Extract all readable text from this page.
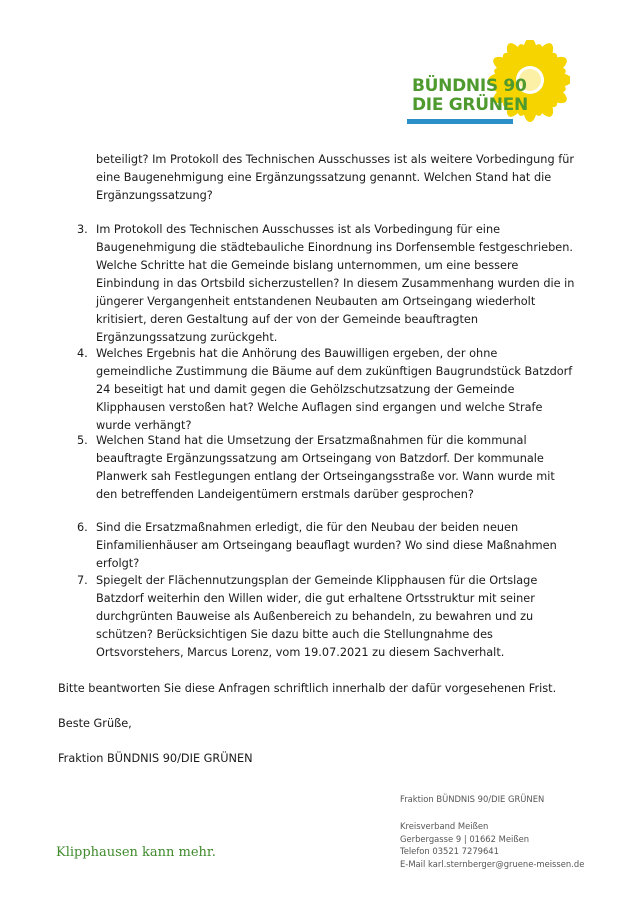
BÜNDNIS 90
DIE GRÜNEN
beteiligt? Im Protokoll des Technischen Ausschusses ist als weitere Vorbedingung für eine Baugenehmigung eine Ergänzungssatzung genannt. Welchen Stand hat die Ergänzungssatzung?
3. Im Protokoll des Technischen Ausschusses ist als Vorbedingung für eine Baugenehmigung die städtebauliche Einordnung ins Dorfensemble festgeschrieben. Welche Schritte hat die Gemeinde bislang unternommen, um eine bessere Einbindung in das Ortsbild sicherzustellen? In diesem Zusammenhang wurden die in jüngerer Vergangenheit entstandenen Neubauten am Ortseingang wiederholt kritisiert, deren Gestaltung auf der von der Gemeinde beauftragten Ergänzungssatzung zurückgeht.
4. Welches Ergebnis hat die Anhörung des Bauwilligen ergeben, der ohne gemeindliche Zustimmung die Bäume auf dem zukünftigen Baugrundstück Batzdorf 24 beseitigt hat und damit gegen die Gehölzschutzsatzung der Gemeinde Klipphausen verstoßen hat? Welche Auflagen sind ergangen und welche Strafe wurde verhängt?
5. Welchen Stand hat die Umsetzung der Ersatzmaßnahmen für die kommunal beauftragte Ergänzungssatzung am Ortseingang von Batzdorf. Der kommunale Planwerk sah Festlegungen entlang der Ortseingangsstraße vor. Wann wurde mit den betreffenden Landeigentümern erstmals darüber gesprochen?
6. Sind die Ersatzmaßnahmen erledigt, die für den Neubau der beiden neuen Einfamilienhäuser am Ortseingang beauflagt wurden? Wo sind diese Maßnahmen erfolgt?
7. Spiegelt der Flächennutzungsplan der Gemeinde Klipphausen für die Ortslage Batzdorf weiterhin den Willen wider, die gut erhaltene Ortsstruktur mit seiner durchgrünten Bauweise als Außenbereich zu behandeln, zu bewahren und zu schützen? Berücksichtigen Sie dazu bitte auch die Stellungnahme des Ortsvorstehers, Marcus Lorenz, vom 19.07.2021 zu diesem Sachverhalt.
Bitte beantworten Sie diese Anfragen schriftlich innerhalb der dafür vorgesehenen Frist.
Beste Grüße,
Fraktion BÜNDNIS 90/DIE GRÜNEN
Fraktion BÜNDNIS 90/DIE GRÜNEN
Kreisverband Meißen
Gerbergasse 9 | 01662 Meißen
Telefon 03521 7279641
E-Mail karl.sternberger@gruene-meissen.de
Klipphausen kann mehr.
